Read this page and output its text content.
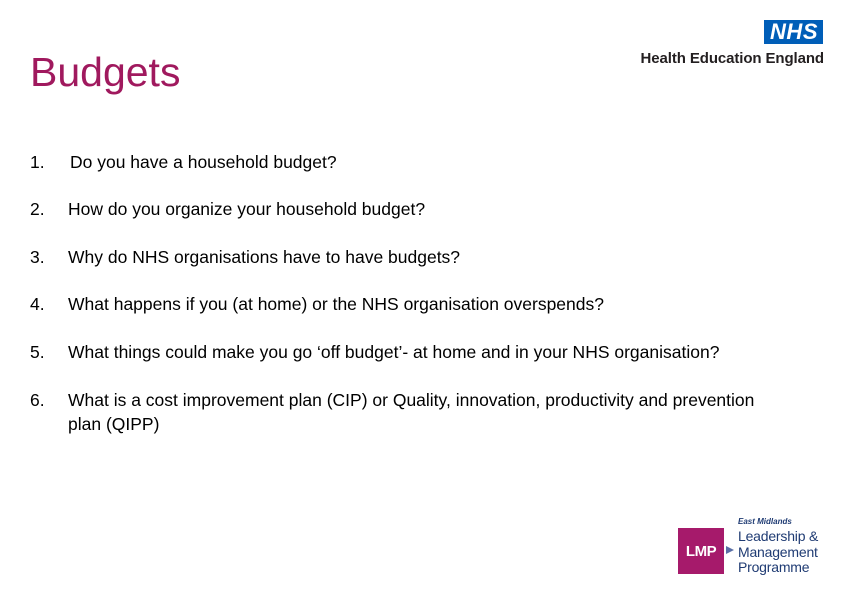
Budgets
NHS
Health Education England
1.	Do you have a household budget?
2.	How do you organize your household budget?
3.	Why do NHS organisations have to have budgets?
4.	What happens if you (at home) or the NHS organisation overspends?
5.	What things could make you go ‘off budget’- at home and in your NHS organisation?
6.	What is a cost improvement plan (CIP) or Quality, innovation, productivity and prevention plan (QIPP)
LMP
East Midlands
Leadership &
Management
Programme
